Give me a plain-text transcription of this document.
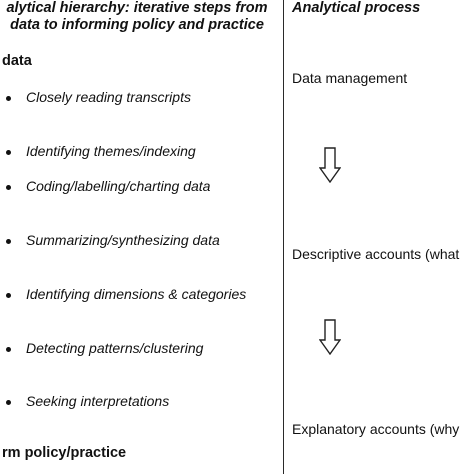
alytical hierarchy: iterative steps from
data to informing policy and practice
Analytical process
data
Closely reading transcripts
Identifying themes/indexing
Coding/labelling/charting data
Summarizing/synthesizing data
Identifying dimensions & categories
Detecting patterns/clustering
Seeking interpretations
rm policy/practice
Data management
Descriptive accounts (what
Explanatory accounts (why
